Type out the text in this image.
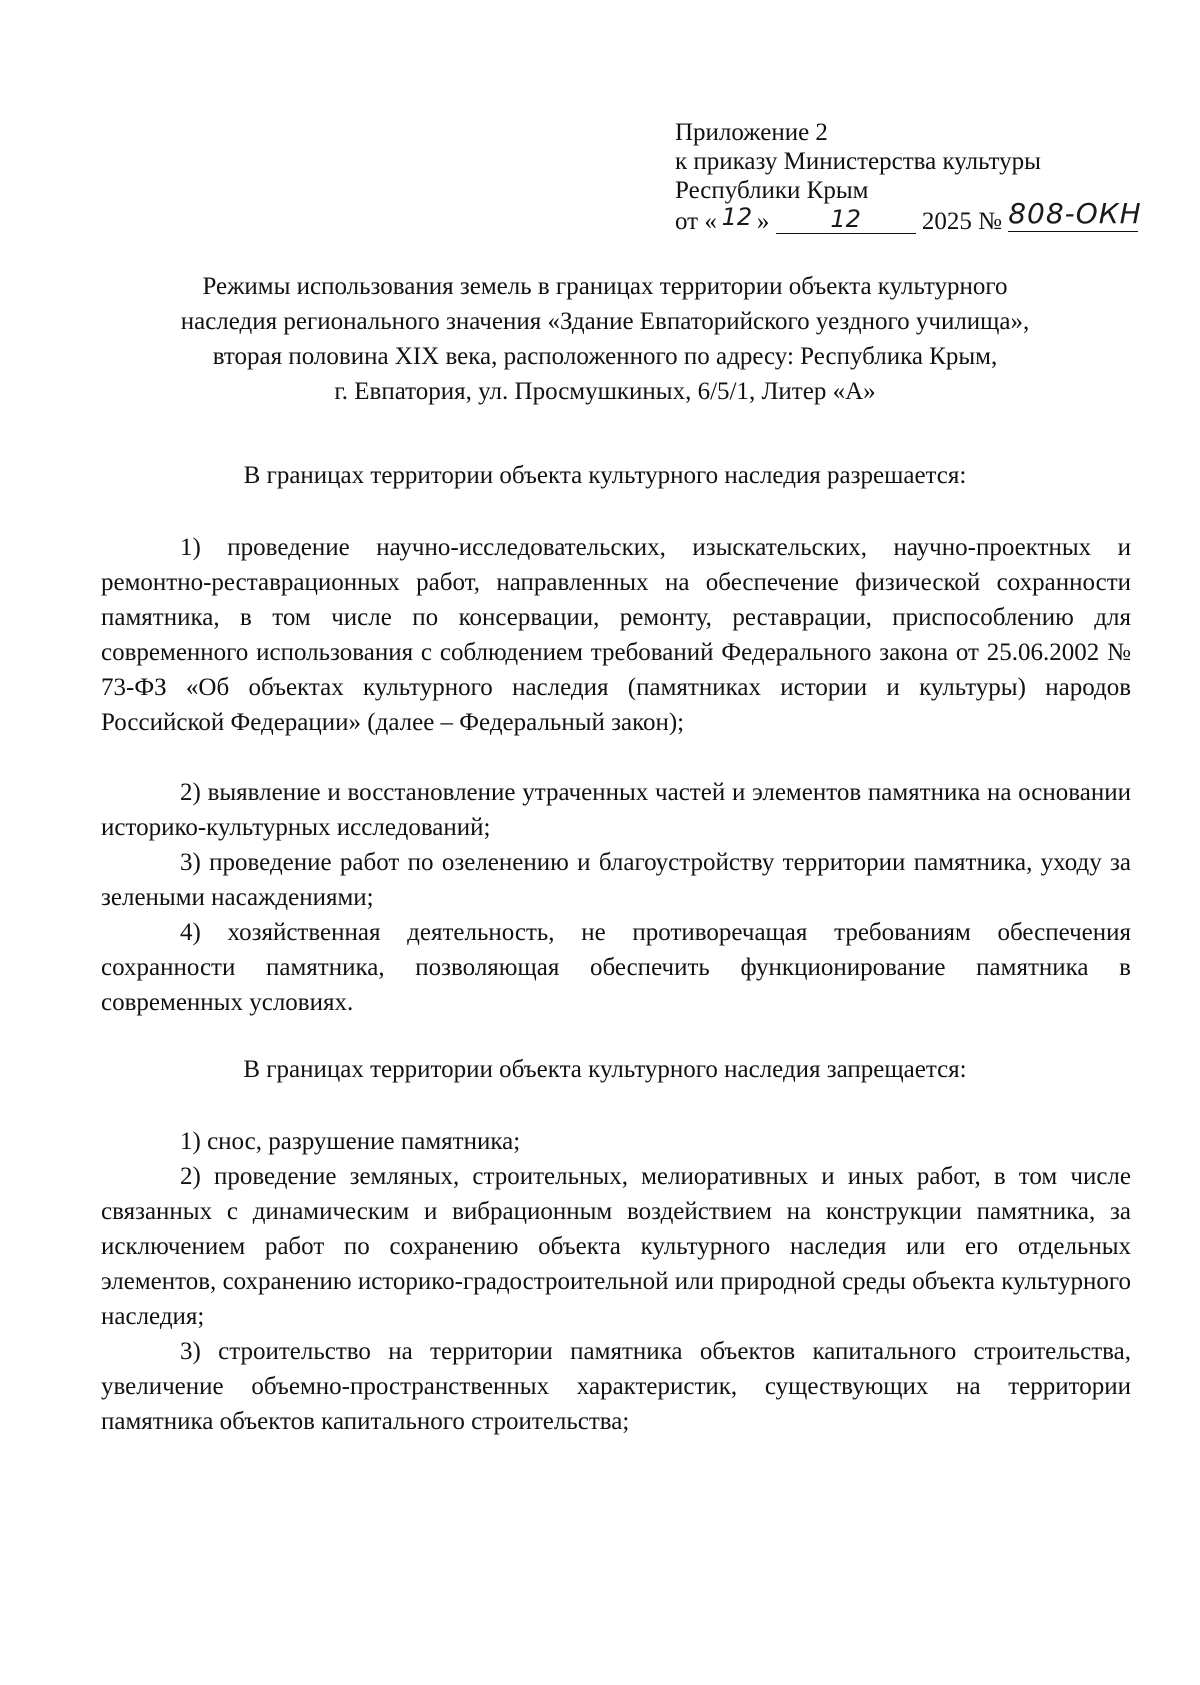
Приложение 2
к приказу Министерства культуры
Республики Крым
от « 12 »	12 2025 № 808-ОКН
Режимы использования земель в границах территории объекта культурного
наследия регионального значения «Здание Евпаторийского уездного училища»,
вторая половина XIX века, расположенного по адресу: Республика Крым,
г. Евпатория, ул. Просмушкиных, 6/5/1, Литер «А»
В границах территории объекта культурного наследия разрешается:
1) проведение научно-исследовательских, изыскательских, научно-проектных и ремонтно-реставрационных работ, направленных на обеспечение физической сохранности памятника, в том числе по консервации, ремонту, реставрации, приспособлению для современного использования с соблюдением требований Федерального закона от 25.06.2002 № 73-ФЗ «Об объектах культурного наследия (памятниках истории и культуры) народов Российской Федерации» (далее – Федеральный закон);
2) выявление и восстановление утраченных частей и элементов памятника на основании историко-культурных исследований;
3) проведение работ по озеленению и благоустройству территории памятника, уходу за зелеными насаждениями;
4) хозяйственная деятельность, не противоречащая требованиям обеспечения сохранности памятника, позволяющая обеспечить функционирование памятника в современных условиях.
В границах территории объекта культурного наследия запрещается:
1) снос, разрушение памятника;
2) проведение земляных, строительных, мелиоративных и иных работ, в том числе связанных с динамическим и вибрационным воздействием на конструкции памятника, за исключением работ по сохранению объекта культурного наследия или его отдельных элементов, сохранению историко-градостроительной или природной среды объекта культурного наследия;
3) строительство на территории памятника объектов капитального строительства, увеличение объемно-пространственных характеристик, существующих на территории памятника объектов капитального строительства;
